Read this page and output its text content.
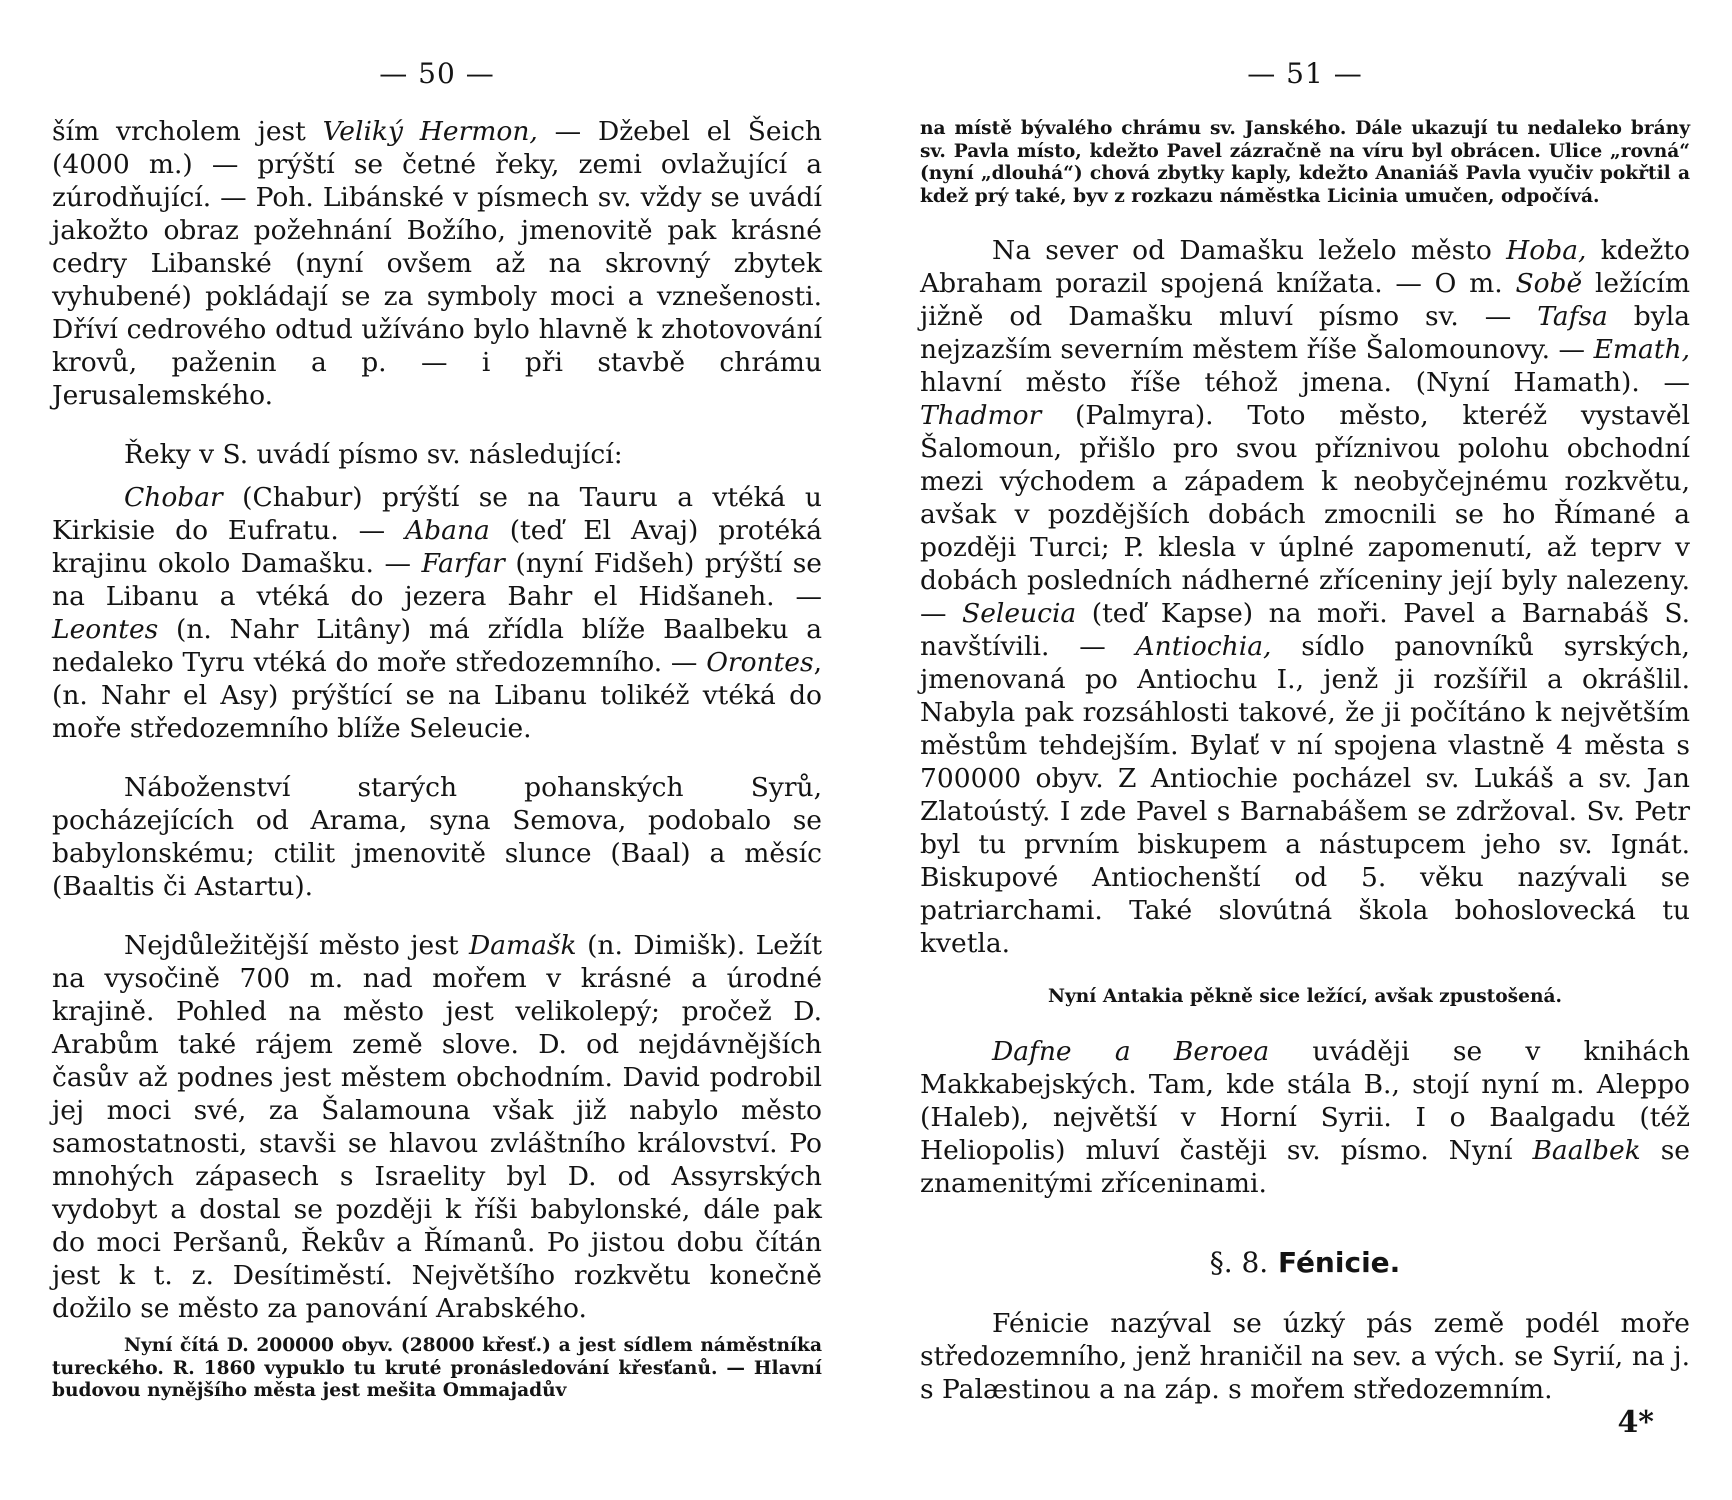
— 50 —

ším vrcholem jest Veliký Hermon, — Džebel el Šeich (4000 m.) — prýští se četné řeky, zemi ovlažující a zúrodňující. — Poh. Libánské v písmech sv. vždy se uvádí jakožto obraz požehnání Božího, jmenovitě pak krásné cedry Libanské (nyní ovšem až na skrovný zbytek vyhubené) pokládají se za symboly moci a vznešenosti. Dříví cedrového odtud užíváno bylo hlavně k zhotovování krovů, paženin a p. — i při stavbě chrámu Jerusalemského.

Řeky v S. uvádí písmo sv. následující:

Chobar (Chabur) prýští se na Tauru a vtéká u Kirkisie do Eufratu. — Abana (teď El Avaj) protéká krajinu okolo Damašku. — Farfar (nyní Fidšeh) prýští se na Libanu a vtéká do jezera Bahr el Hidšaneh. — Leontes (n. Nahr Litâny) má zřídla blíže Baalbeku a nedaleko Tyru vtéká do moře středozemního. — Orontes, (n. Nahr el Asy) prýštící se na Libanu tolikéž vtéká do moře středozemního blíže Seleucie.

Náboženství starých pohanských Syrů, pocházejících od Arama, syna Semova, podobalo se babylonskému; ctilit jmenovitě slunce (Baal) a měsíc (Baaltis či Astartu).

Nejdůležitější město jest Damašk (n. Dimišk). Ležít na vysočině 700 m. nad mořem v krásné a úrodné krajině. Pohled na město jest velikolepý; pročež D. Arabům také rájem země slove. D. od nejdávnějších časův až podnes jest městem obchodním. David podrobil jej moci své, za Šalamouna však již nabylo město samostatnosti, stavši se hlavou zvláštního království. Po mnohých zápasech s Israelity byl D. od Assyrských vydobyt a dostal se později k říši babylonské, dále pak do moci Peršanů, Řekův a Římanů. Po jistou dobu čítán jest k t. z. Desítiměstí. Největšího rozkvětu konečně dožilo se město za panování Arabského.

Nyní čítá D. 200000 obyv. (28000 křesť.) a jest sídlem náměstníka tureckého. R. 1860 vypuklo tu kruté pronásledování křesťanů. — Hlavní budovou nynějšího města jest mešita Ommajadův

— 51 —

na místě bývalého chrámu sv. Janského. Dále ukazují tu nedaleko brány sv. Pavla místo, kdežto Pavel zázračně na víru byl obrácen. Ulice „rovná“ (nyní „dlouhá“) chová zbytky kaply, kdežto Ananiáš Pavla vyučiv pokřtil a kdež prý také, byv z rozkazu náměstka Licinia umučen, odpočívá.

Na sever od Damašku leželo město Hoba, kdežto Abraham porazil spojená knížata. — O m. Sobě ležícím jižně od Damašku mluví písmo sv. — Tafsa byla nejzazším severním městem říše Šalomounovy. — Emath, hlavní město říše téhož jmena. (Nyní Hamath). — Thadmor (Palmyra). Toto město, kteréž vystavěl Šalomoun, přišlo pro svou příznivou polohu obchodní mezi východem a západem k neobyčejnému rozkvětu, avšak v pozdějších dobách zmocnili se ho Římané a později Turci; P. klesla v úplné zapomenutí, až teprv v dobách posledních nádherné zříceniny její byly nalezeny. — Seleucia (teď Kapse) na moři. Pavel a Barnabáš S. navštívili. — Antiochia, sídlo panovníků syrských, jmenovaná po Antiochu I., jenž ji rozšířil a okrášlil. Nabyla pak rozsáhlosti takové, že ji počítáno k největším městům tehdejším. Bylať v ní spojena vlastně 4 města s 700000 obyv. Z Antiochie pocházel sv. Lukáš a sv. Jan Zlatoústý. I zde Pavel s Barnabášem se zdržoval. Sv. Petr byl tu prvním biskupem a nástupcem jeho sv. Ignát. Biskupové Antiochenští od 5. věku nazývali se patriarchami. Také slovútná škola bohoslovecká tu kvetla.

Nyní Antakia pěkně sice ležící, avšak zpustošená.

Dafne a Beroea uváději se v knihách Makkabejských. Tam, kde stála B., stojí nyní m. Aleppo (Haleb), největší v Horní Syrii. I o Baalgadu (též Heliopolis) mluví častěji sv. písmo. Nyní Baalbek se znamenitými zříceninami.

§. 8. Fénicie.

Fénicie nazýval se úzký pás země podél moře středozemního, jenž hraničil na sev. a vých. se Syrií, na j. s Palæstinou a na záp. s mořem středozemním.

4*
